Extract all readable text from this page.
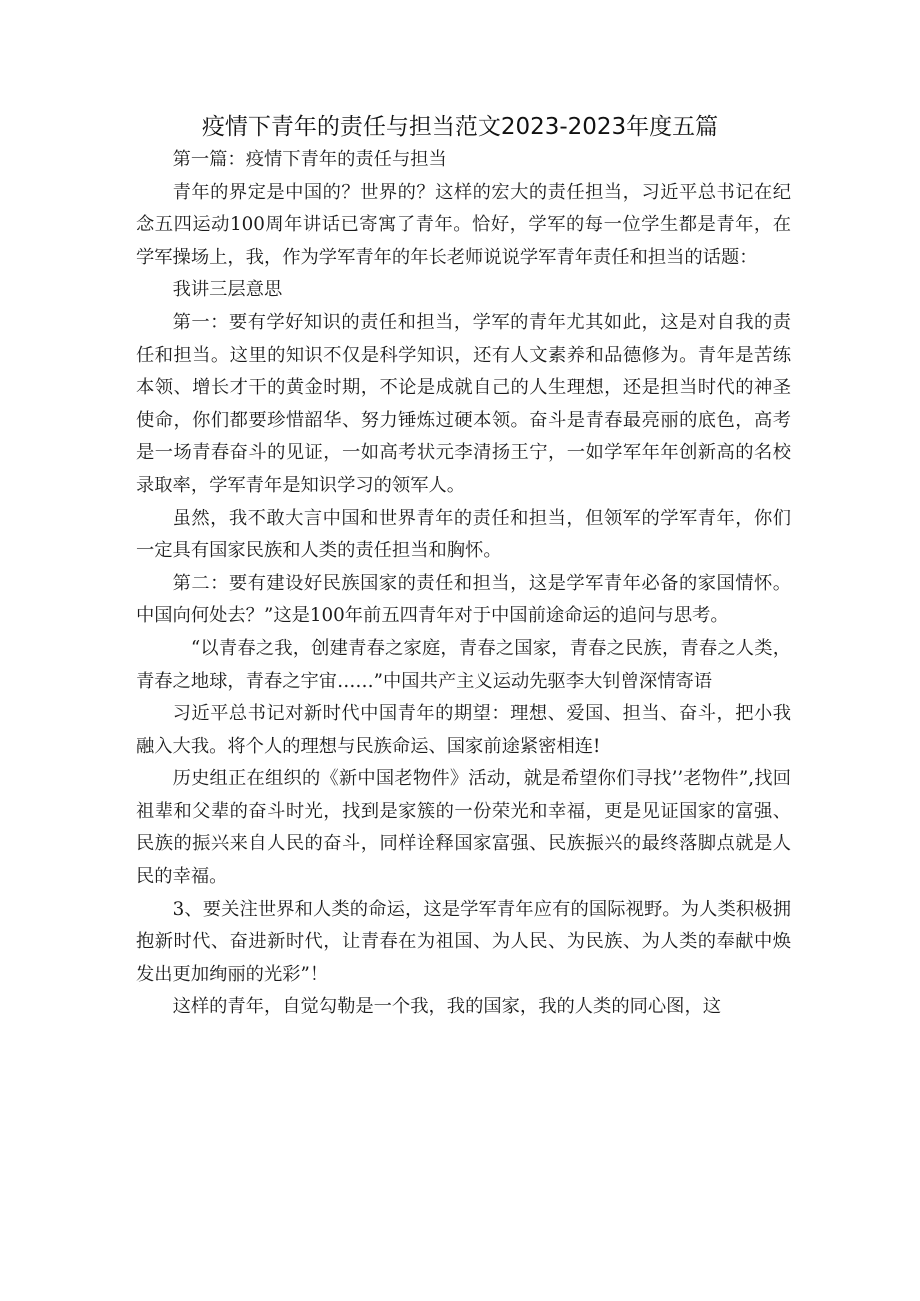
疫情下青年的责任与担当范文2023-2023年度五篇

第一篇：疫情下青年的责任与担当

青年的界定是中国的？世界的？这样的宏大的责任担当，习近平总书记在纪念五四运动100周年讲话已寄寓了青年。恰好，学军的每一位学生都是青年，在学军操场上，我，作为学军青年的年长老师说说学军青年责任和担当的话题：

我讲三层意思

第一：要有学好知识的责任和担当，学军的青年尤其如此，这是对自我的责任和担当。这里的知识不仅是科学知识，还有人文素养和品德修为。青年是苦练本领、增长才干的黄金时期，不论是成就自己的人生理想，还是担当时代的神圣使命，你们都要珍惜韶华、努力锤炼过硬本领。奋斗是青春最亮丽的底色，高考是一场青春奋斗的见证，一如高考状元李清扬王宁，一如学军年年创新高的名校录取率，学军青年是知识学习的领军人。

虽然，我不敢大言中国和世界青年的责任和担当，但领军的学军青年，你们一定具有国家民族和人类的责任担当和胸怀。

第二：要有建设好民族国家的责任和担当，这是学军青年必备的家国情怀。中国向何处去？”这是100年前五四青年对于中国前途命运的追问与思考。

“以青春之我，创建青春之家庭，青春之国家，青春之民族，青春之人类，青春之地球，青春之宇宙……”中国共产主义运动先驱李大钊曾深情寄语

习近平总书记对新时代中国青年的期望：理想、爱国、担当、奋斗，把小我融入大我。将个人的理想与民族命运、国家前途紧密相连!

历史组正在组织的《新中国老物件》活动，就是希望你们寻找’’老物件”,找回祖辈和父辈的奋斗时光，找到是家簇的一份荣光和幸福，更是见证国家的富强、民族的振兴来自人民的奋斗，同样诠释国家富强、民族振兴的最终落脚点就是人民的幸福。

3、要关注世界和人类的命运，这是学军青年应有的国际视野。为人类积极拥抱新时代、奋进新时代，让青春在为祖国、为人民、为民族、为人类的奉献中焕发出更加绚丽的光彩”！

这样的青年，自觉勾勒是一个我，我的国家，我的人类的同心图，这
